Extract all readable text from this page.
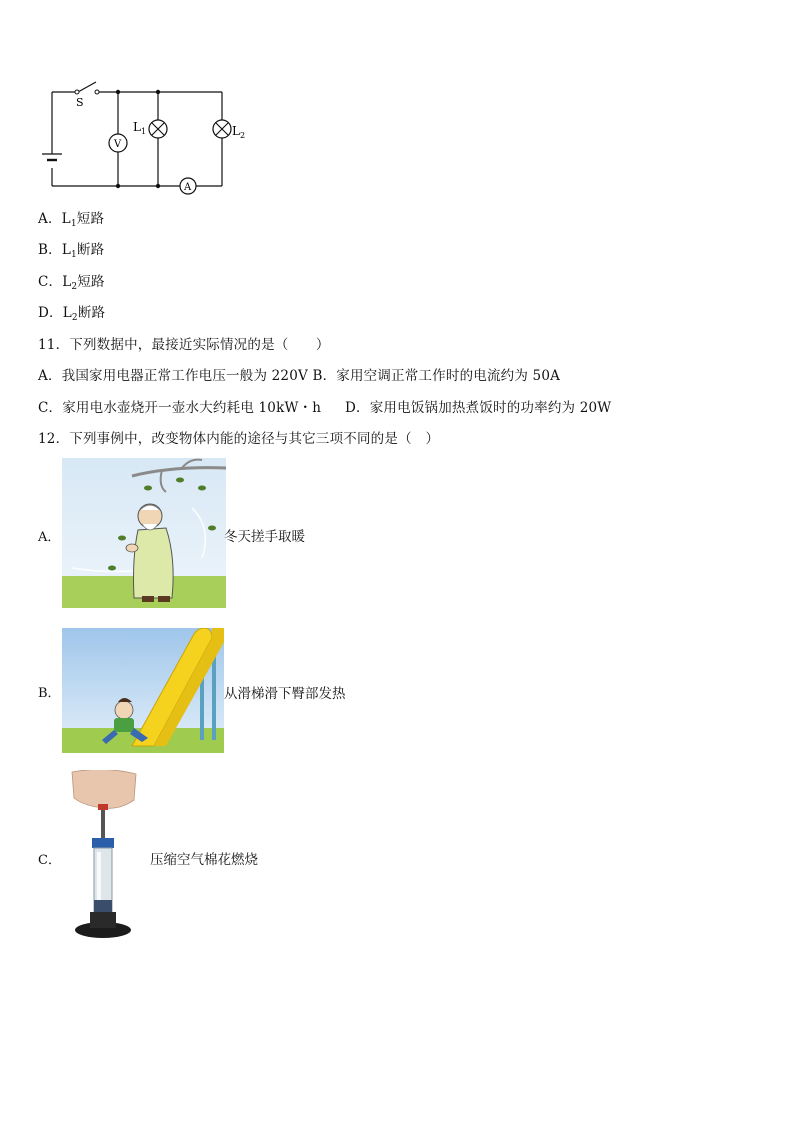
S
V
A
$L_1$	$L_2$
A．$L_1$短路
B．$L_1$断路
C．$L_2$短路
D．$L_2$断路
11．下列数据中，最接近实际情况的是（　　）
A．我国家用电器正常工作电压一般为 220V B．家用空调正常工作时的电流约为 50A
C．家用电水壶烧开一壶水大约耗电 10kW・h D．家用电饭锅加热煮饭时的功率约为 20W
12．下列事例中，改变物体内能的途径与其它三项不同的是（　）
A．	冬天搓手取暖
B．	从滑梯滑下臀部发热
C．	压缩空气棉花燃烧
